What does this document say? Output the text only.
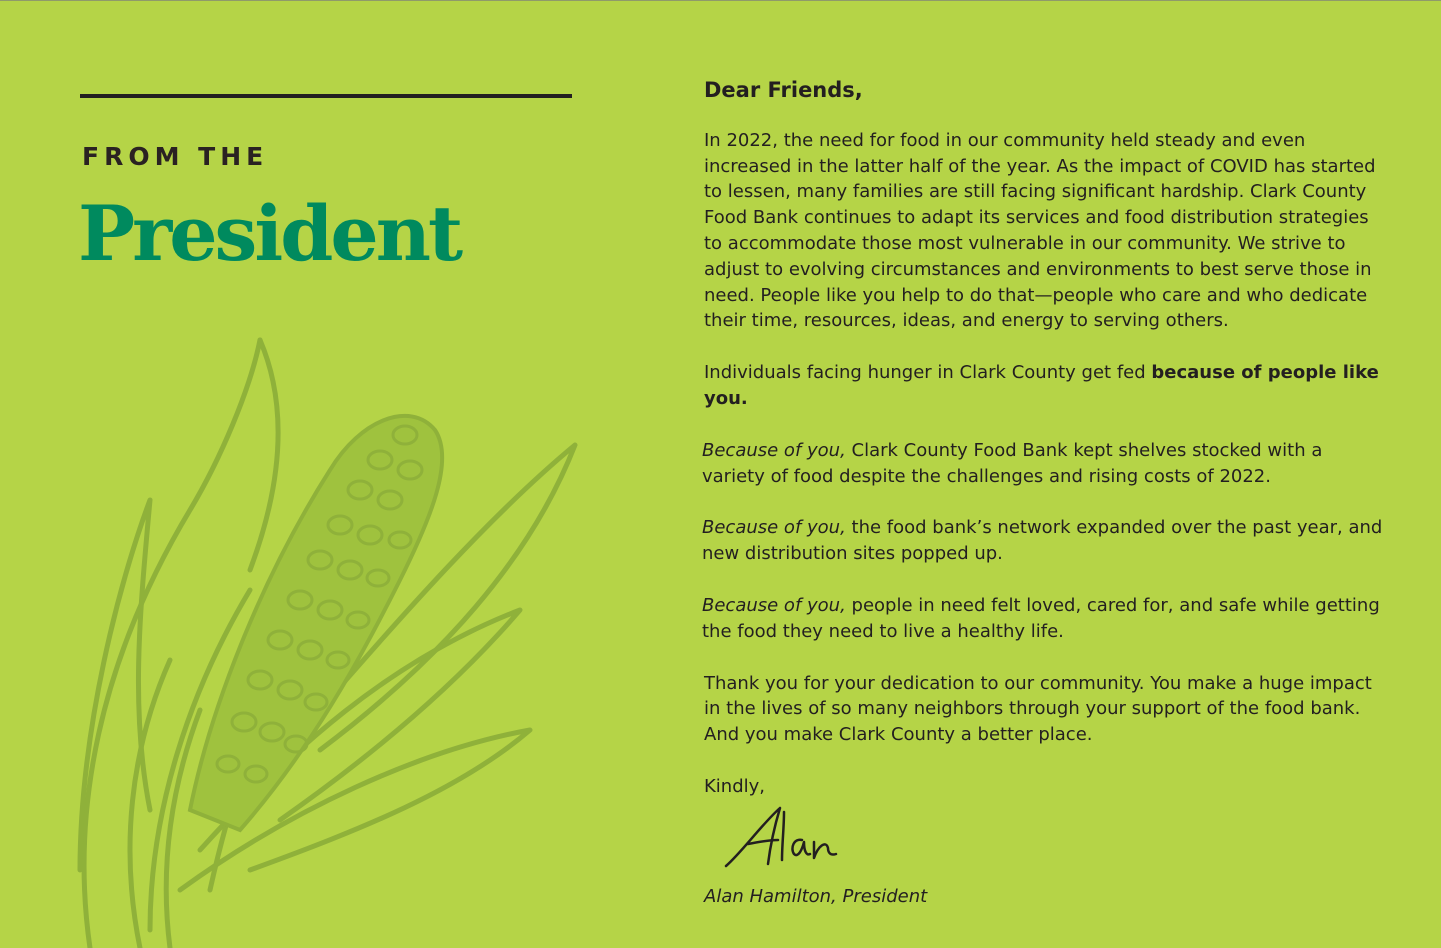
FROM THE
President

Dear Friends,

In 2022, the need for food in our community held steady and even increased in the latter half of the year. As the impact of COVID has started to lessen, many families are still facing significant hardship. Clark County Food Bank continues to adapt its services and food distribution strategies to accommodate those most vulnerable in our community. We strive to adjust to evolving circumstances and environments to best serve those in need. People like you help to do that—people who care and who dedicate their time, resources, ideas, and energy to serving others.

Individuals facing hunger in Clark County get fed because of people like you.

Because of you, Clark County Food Bank kept shelves stocked with a variety of food despite the challenges and rising costs of 2022.

Because of you, the food bank’s network expanded over the past year, and new distribution sites popped up.

Because of you, people in need felt loved, cared for, and safe while getting the food they need to live a healthy life.

Thank you for your dedication to our community. You make a huge impact in the lives of so many neighbors through your support of the food bank. And you make Clark County a better place.

Kindly,

Alan Hamilton, President
